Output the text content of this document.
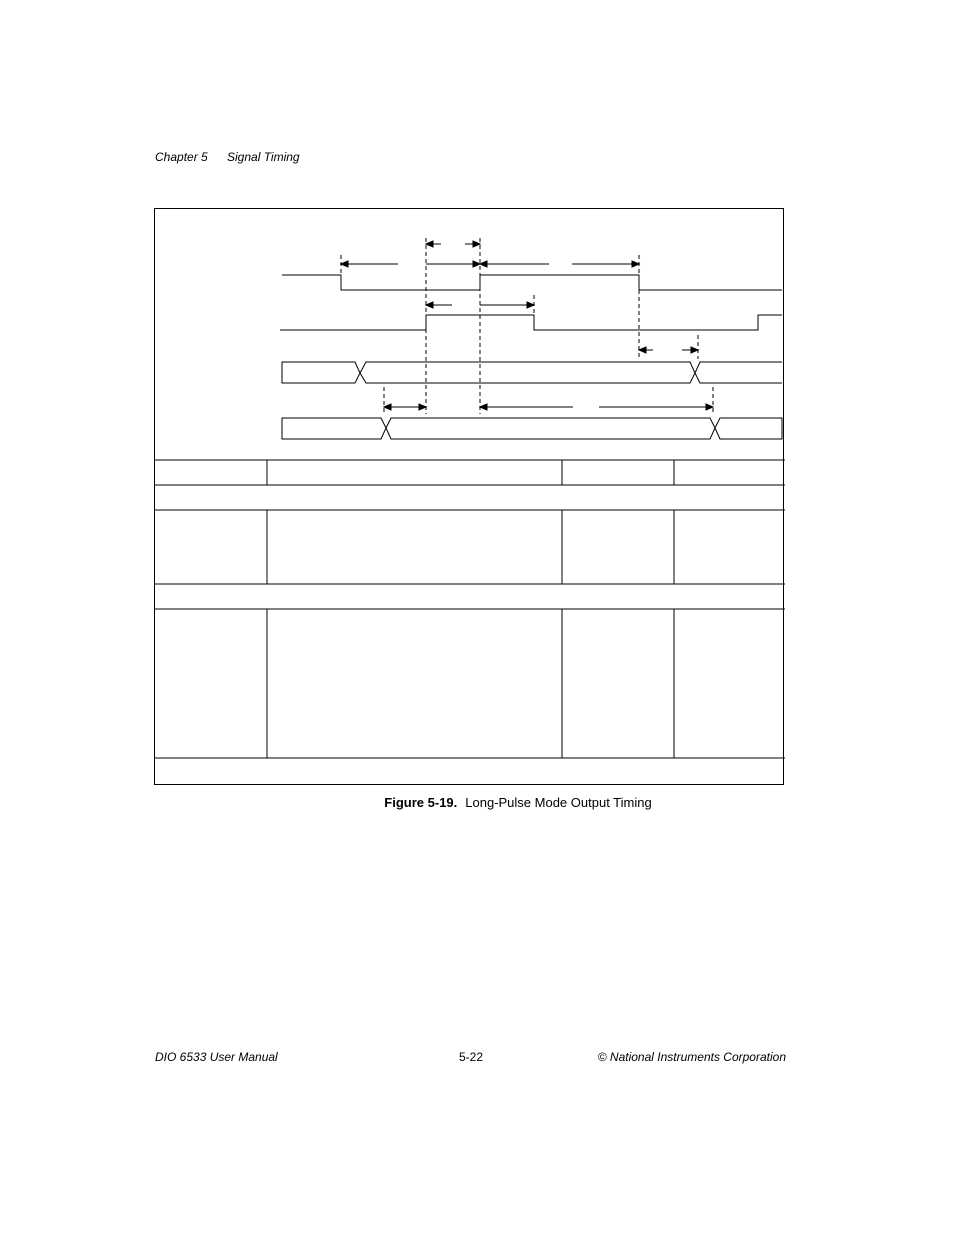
Chapter 5 Signal Timing
Figure 5-19. Long-Pulse Mode Output Timing
DIO 6533 User Manual	5-22	© National Instruments Corporation
